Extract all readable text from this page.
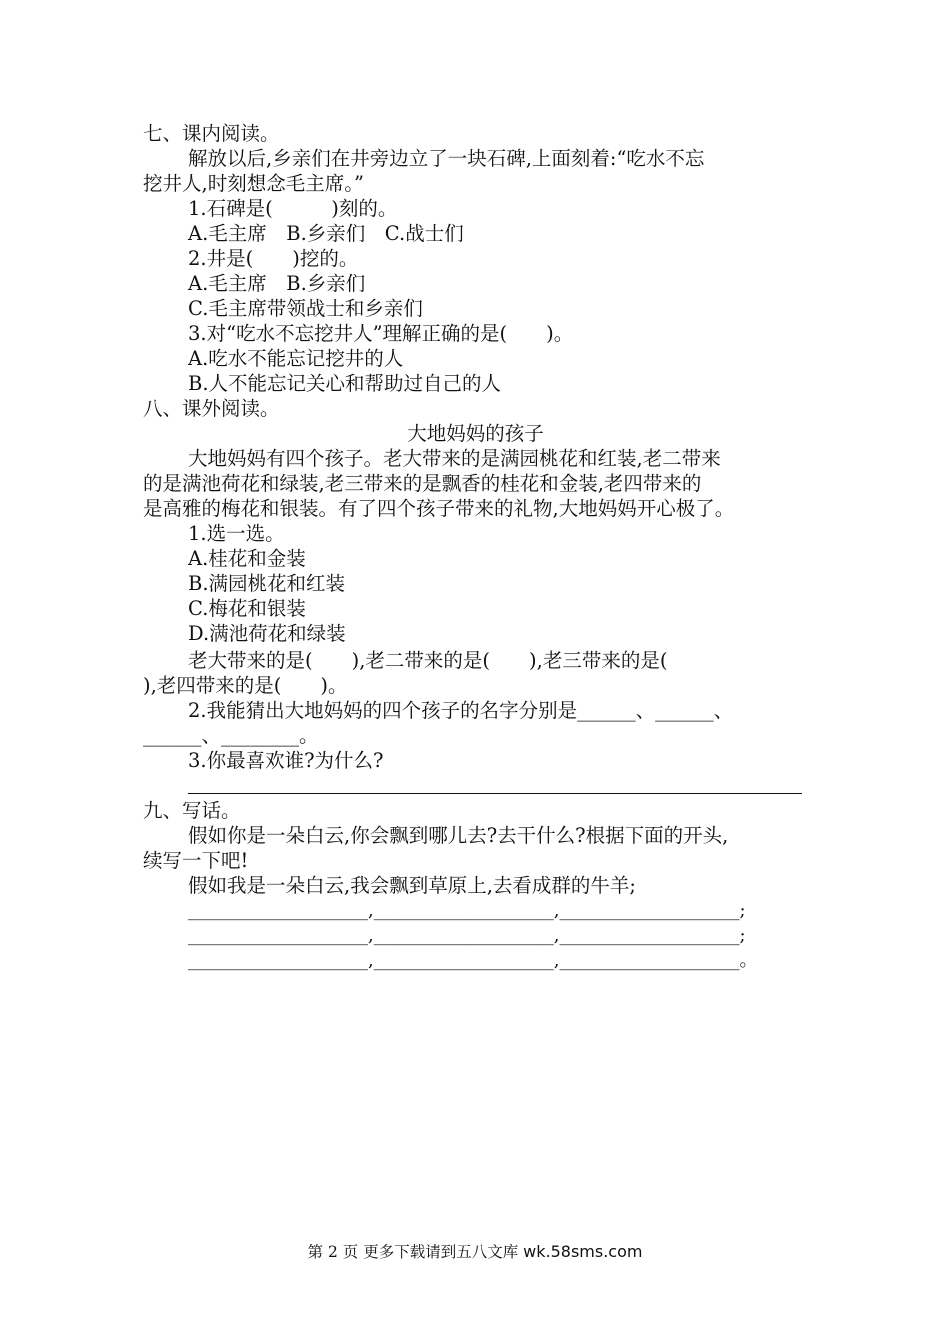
七、课内阅读。
解放以后,乡亲们在井旁边立了一块石碑,上面刻着:“吃水不忘
挖井人,时刻想念毛主席。”
1.石碑是(　　　)刻的。
A.毛主席　B.乡亲们　C.战士们
2.井是(　　)挖的。
A.毛主席　B.乡亲们
C.毛主席带领战士和乡亲们
3.对“吃水不忘挖井人”理解正确的是(　　)。
A.吃水不能忘记挖井的人
B.人不能忘记关心和帮助过自己的人
八、课外阅读。
大地妈妈的孩子
大地妈妈有四个孩子。老大带来的是满园桃花和红装,老二带来
的是满池荷花和绿装,老三带来的是飘香的桂花和金装,老四带来的
是高雅的梅花和银装。有了四个孩子带来的礼物,大地妈妈开心极了。
1.选一选。
A.桂花和金装
B.满园桃花和红装
C.梅花和银装
D.满池荷花和绿装
老大带来的是(　　),老二带来的是(　　),老三带来的是(
),老四带来的是(　　)。
2.我能猜出大地妈妈的四个孩子的名字分别是______、______、
______、________。
3.你最喜欢谁?为什么?
九、写话。
假如你是一朵白云,你会飘到哪儿去?去干什么?根据下面的开头,
续写一下吧!
假如我是一朵白云,我会飘到草原上,去看成群的牛羊;
____________________,____________________,____________________;
____________________,____________________,____________________;
____________________,____________________,____________________。
第 2 页 更多下载请到五八文库 wk.58sms.com
